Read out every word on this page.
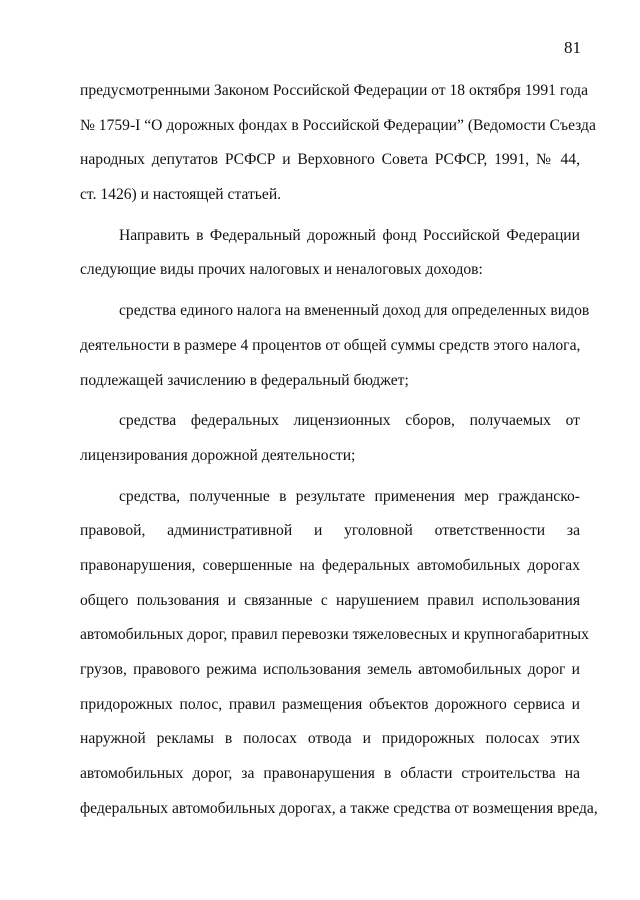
81
предусмотренными Законом Российской Федерации от 18 октября 1991 года
№ 1759-I “О дорожных фондах в Российской Федерации” (Ведомости Съезда
народных депутатов РСФСР и Верховного Совета РСФСР, 1991, № 44,
ст. 1426) и настоящей статьей.
Направить в Федеральный дорожный фонд Российской Федерации
следующие виды прочих налоговых и неналоговых доходов:
средства единого налога на вмененный доход для определенных видов
деятельности в размере 4 процентов от общей суммы средств этого налога,
подлежащей зачислению в федеральный бюджет;
средства федеральных лицензионных сборов, получаемых от
лицензирования дорожной деятельности;
средства, полученные в результате применения мер гражданско-
правовой, административной и уголовной ответственности за
правонарушения, совершенные на федеральных автомобильных дорогах
общего пользования и связанные с нарушением правил использования
автомобильных дорог, правил перевозки тяжеловесных и крупногабаритных
грузов, правового режима использования земель автомобильных дорог и
придорожных полос, правил размещения объектов дорожного сервиса и
наружной рекламы в полосах отвода и придорожных полосах этих
автомобильных дорог, за правонарушения в области строительства на
федеральных автомобильных дорогах, а также средства от возмещения вреда,
